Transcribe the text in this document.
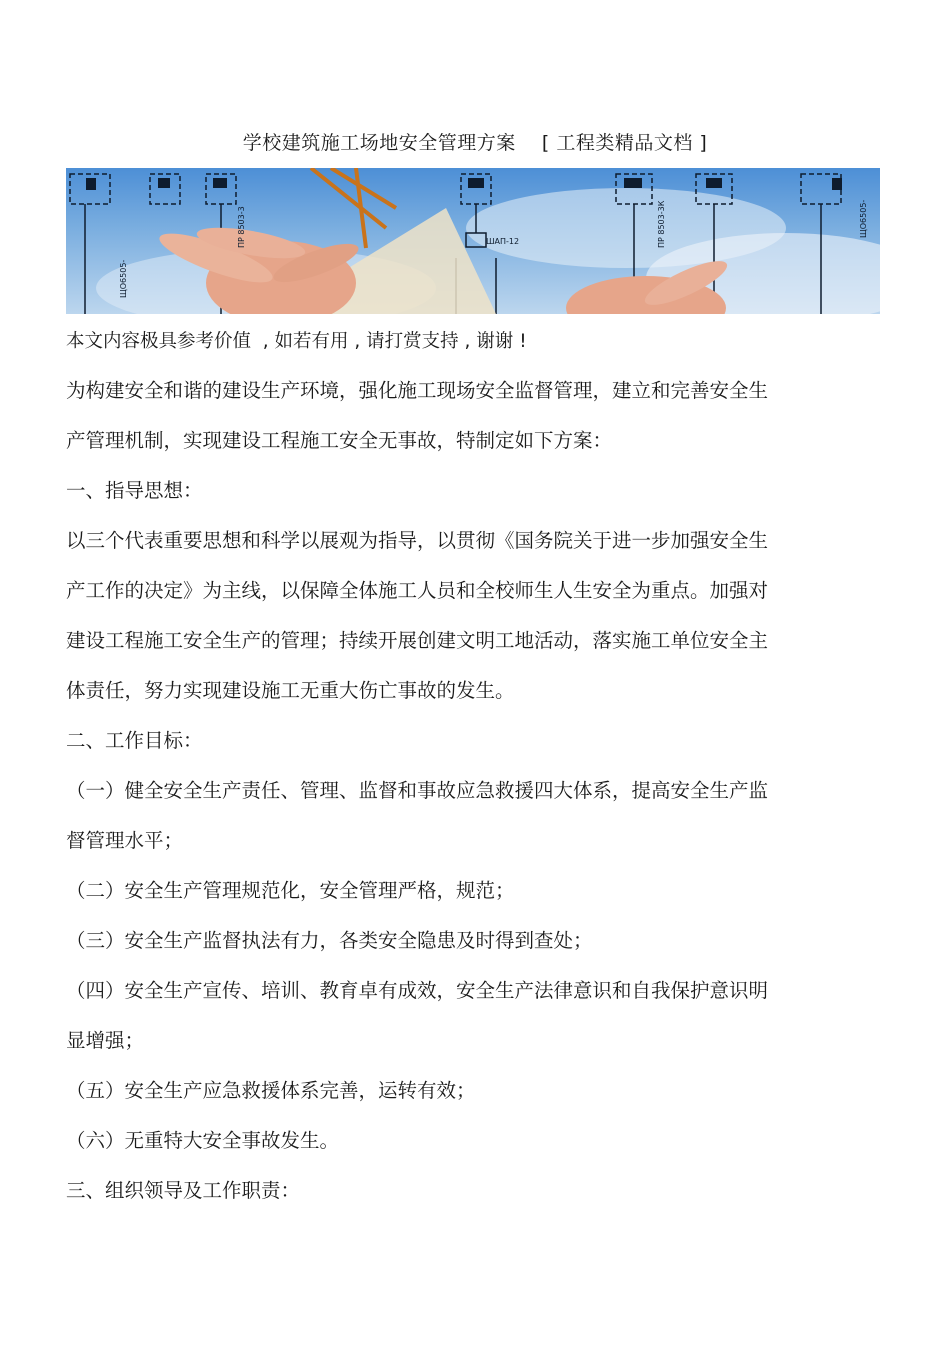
学校建筑施工场地安全管理方案    [ 工程类精品文档 ]
ЩО6505-
ПР 8503-3	ШАП-12	ПР 8503-3К	ЩО6505-

本文内容极具参考价值  , 如若有用 , 请打赏支持 , 谢谢 !

为构建安全和谐的建设生产环境，强化施工现场安全监督管理，建立和完善安全生

产管理机制，实现建设工程施工安全无事故，特制定如下方案：

一、指导思想：

以三个代表重要思想和科学以展观为指导，以贯彻《国务院关于进一步加强安全生

产工作的决定》为主线，以保障全体施工人员和全校师生人生安全为重点。加强对

建设工程施工安全生产的管理；持续开展创建文明工地活动，落实施工单位安全主

体责任，努力实现建设施工无重大伤亡事故的发生。

二、工作目标：

（一）健全安全生产责任、管理、监督和事故应急救援四大体系，提高安全生产监

督管理水平；

（二）安全生产管理规范化，安全管理严格，规范；

（三）安全生产监督执法有力，各类安全隐患及时得到查处；

（四）安全生产宣传、培训、教育卓有成效，安全生产法律意识和自我保护意识明

显增强；

（五）安全生产应急救援体系完善，运转有效；

（六）无重特大安全事故发生。

三、组织领导及工作职责：
